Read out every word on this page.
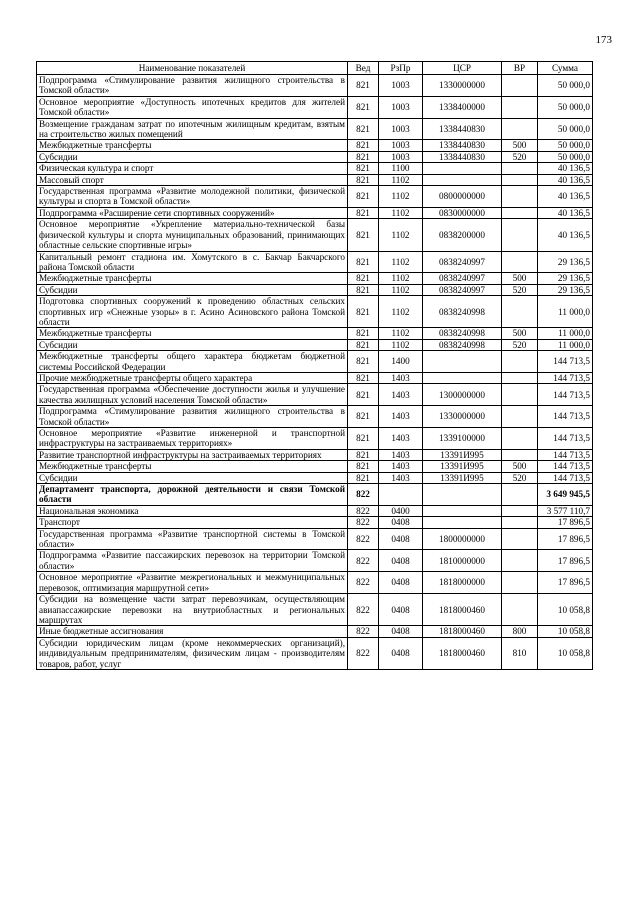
173
Наименование показателей	Вед	РзПр	ЦСР	ВР	Сумма
Подпрограмма «Стимулирование развития жилищного строительства в Томской области»	821	1003	1330000000		50 000,0
Основное мероприятие «Доступность ипотечных кредитов для жителей Томской области»	821	1003	1338400000		50 000,0
Возмещение гражданам затрат по ипотечным жилищным кредитам, взятым на строительство жилых помещений	821	1003	1338440830		50 000,0
Межбюджетные трансферты	821	1003	1338440830	500	50 000,0
Субсидии	821	1003	1338440830	520	50 000,0
Физическая культура и спорт	821	1100			40 136,5
Массовый спорт	821	1102			40 136,5
Государственная программа «Развитие молодежной политики, физической культуры и спорта в Томской области»	821	1102	0800000000		40 136,5
Подпрограмма «Расширение сети спортивных сооружений»	821	1102	0830000000		40 136,5
Основное мероприятие «Укрепление материально-технической базы физической культуры и спорта муниципальных образований, принимающих областные сельские спортивные игры»	821	1102	0838200000		40 136,5
Капитальный ремонт стадиона им. Хомутского в с. Бакчар Бакчарского района Томской области	821	1102	0838240997		29 136,5
Межбюджетные трансферты	821	1102	0838240997	500	29 136,5
Субсидии	821	1102	0838240997	520	29 136,5
Подготовка спортивных сооружений к проведению областных сельских спортивных игр «Снежные узоры» в г. Асино Асиновского района Томской области	821	1102	0838240998		11 000,0
Межбюджетные трансферты	821	1102	0838240998	500	11 000,0
Субсидии	821	1102	0838240998	520	11 000,0
Межбюджетные трансферты общего характера бюджетам бюджетной системы Российской Федерации	821	1400			144 713,5
Прочие межбюджетные трансферты общего характера	821	1403			144 713,5
Государственная программа «Обеспечение доступности жилья и улучшение качества жилищных условий населения Томской области»	821	1403	1300000000		144 713,5
Подпрограмма «Стимулирование развития жилищного строительства в Томской области»	821	1403	1330000000		144 713,5
Основное мероприятие «Развитие инженерной и транспортной инфраструктуры на застраиваемых территориях»	821	1403	1339100000		144 713,5
Развитие транспортной инфраструктуры на застраиваемых территориях	821	1403	13391И995		144 713,5
Межбюджетные трансферты	821	1403	13391И995	500	144 713,5
Субсидии	821	1403	13391И995	520	144 713,5
Департамент транспорта, дорожной деятельности и связи Томской области	822				3 649 945,5
Национальная экономика	822	0400			3 577 110,7
Транспорт	822	0408			17 896,5
Государственная программа «Развитие транспортной системы в Томской области»	822	0408	1800000000		17 896,5
Подпрограмма «Развитие пассажирских перевозок на территории Томской области»	822	0408	1810000000		17 896,5
Основное мероприятие «Развитие межрегиональных и межмуниципальных перевозок, оптимизация маршрутной сети»	822	0408	1818000000		17 896,5
Субсидии на возмещение части затрат перевозчикам, осуществляющим авиапассажирские перевозки на внутриобластных и региональных маршрутах	822	0408	1818000460		10 058,8
Иные бюджетные ассигнования	822	0408	1818000460	800	10 058,8
Субсидии юридическим лицам (кроме некоммерческих организаций), индивидуальным предпринимателям, физическим лицам - производителям товаров, работ, услуг	822	0408	1818000460	810	10 058,8
